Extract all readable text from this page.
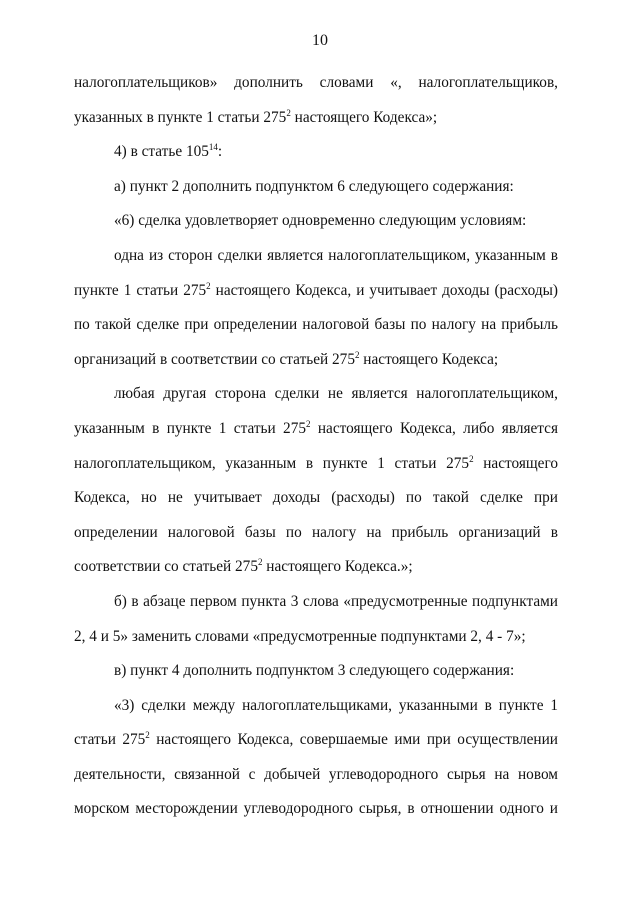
10

налогоплательщиков» дополнить словами «, налогоплательщиков, указанных в пункте 1 статьи $275^2$ настоящего Кодекса»;

4) в статье $105^{14}$:

а) пункт 2 дополнить подпунктом 6 следующего содержания:

«6) сделка удовлетворяет одновременно следующим условиям:

одна из сторон сделки является налогоплательщиком, указанным в пункте 1 статьи $275^2$ настоящего Кодекса, и учитывает доходы (расходы) по такой сделке при определении налоговой базы по налогу на прибыль организаций в соответствии со статьей $275^2$ настоящего Кодекса;

любая другая сторона сделки не является налогоплательщиком, указанным в пункте 1 статьи $275^2$ настоящего Кодекса, либо является налогоплательщиком, указанным в пункте 1 статьи $275^2$ настоящего Кодекса, но не учитывает доходы (расходы) по такой сделке при определении налоговой базы по налогу на прибыль организаций в соответствии со статьей $275^2$ настоящего Кодекса.»;

б) в абзаце первом пункта 3 слова «предусмотренные подпунктами 2, 4 и 5» заменить словами «предусмотренные подпунктами 2, 4 - 7»;

в) пункт 4 дополнить подпунктом 3 следующего содержания:

«3) сделки между налогоплательщиками, указанными в пункте 1 статьи $275^2$ настоящего Кодекса, совершаемые ими при осуществлении деятельности, связанной с добычей углеводородного сырья на новом морском месторождении углеводородного сырья, в отношении одного и
